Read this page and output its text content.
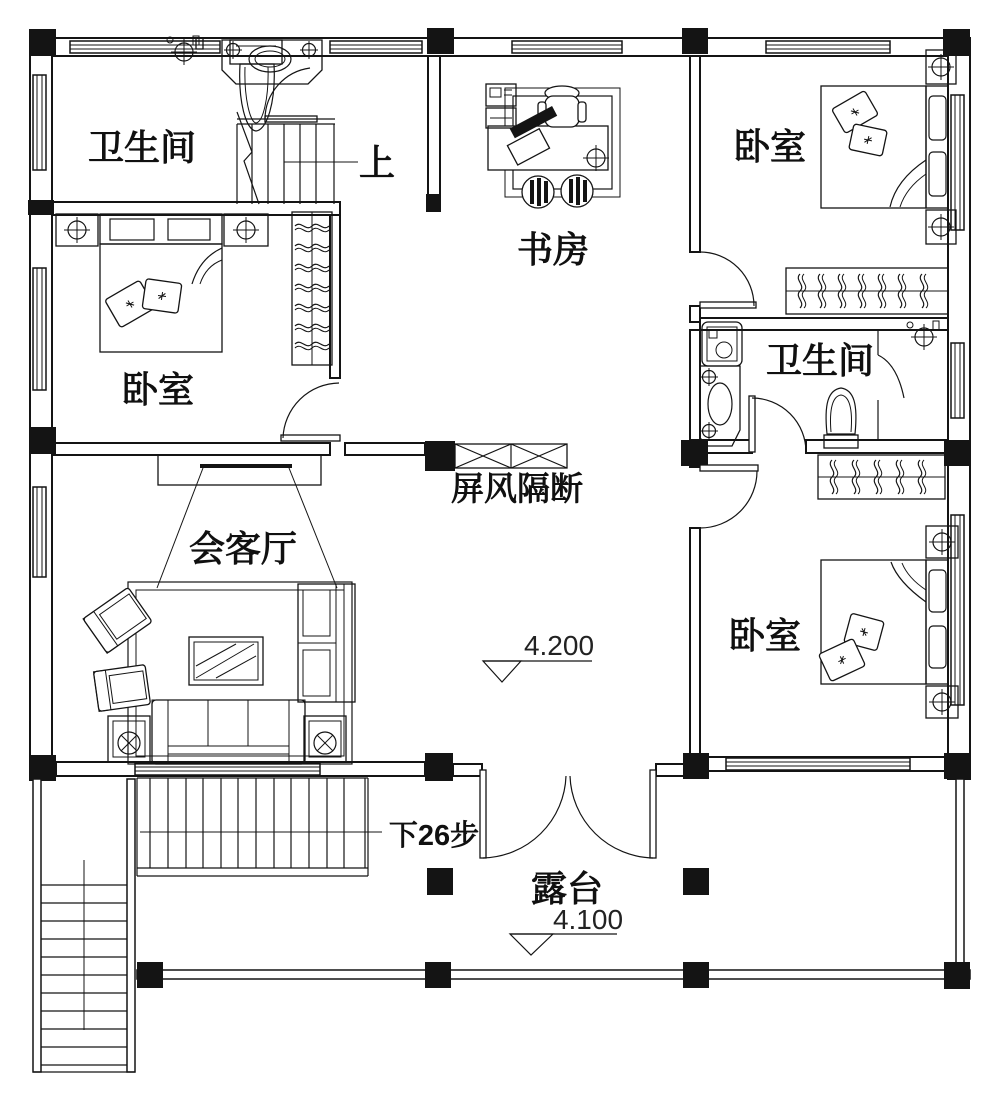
卫生间	上
书房
卧室
卧室
卫生间
屏风隔断
会客厅
卧室
下26步
露台
4.200
4.100
